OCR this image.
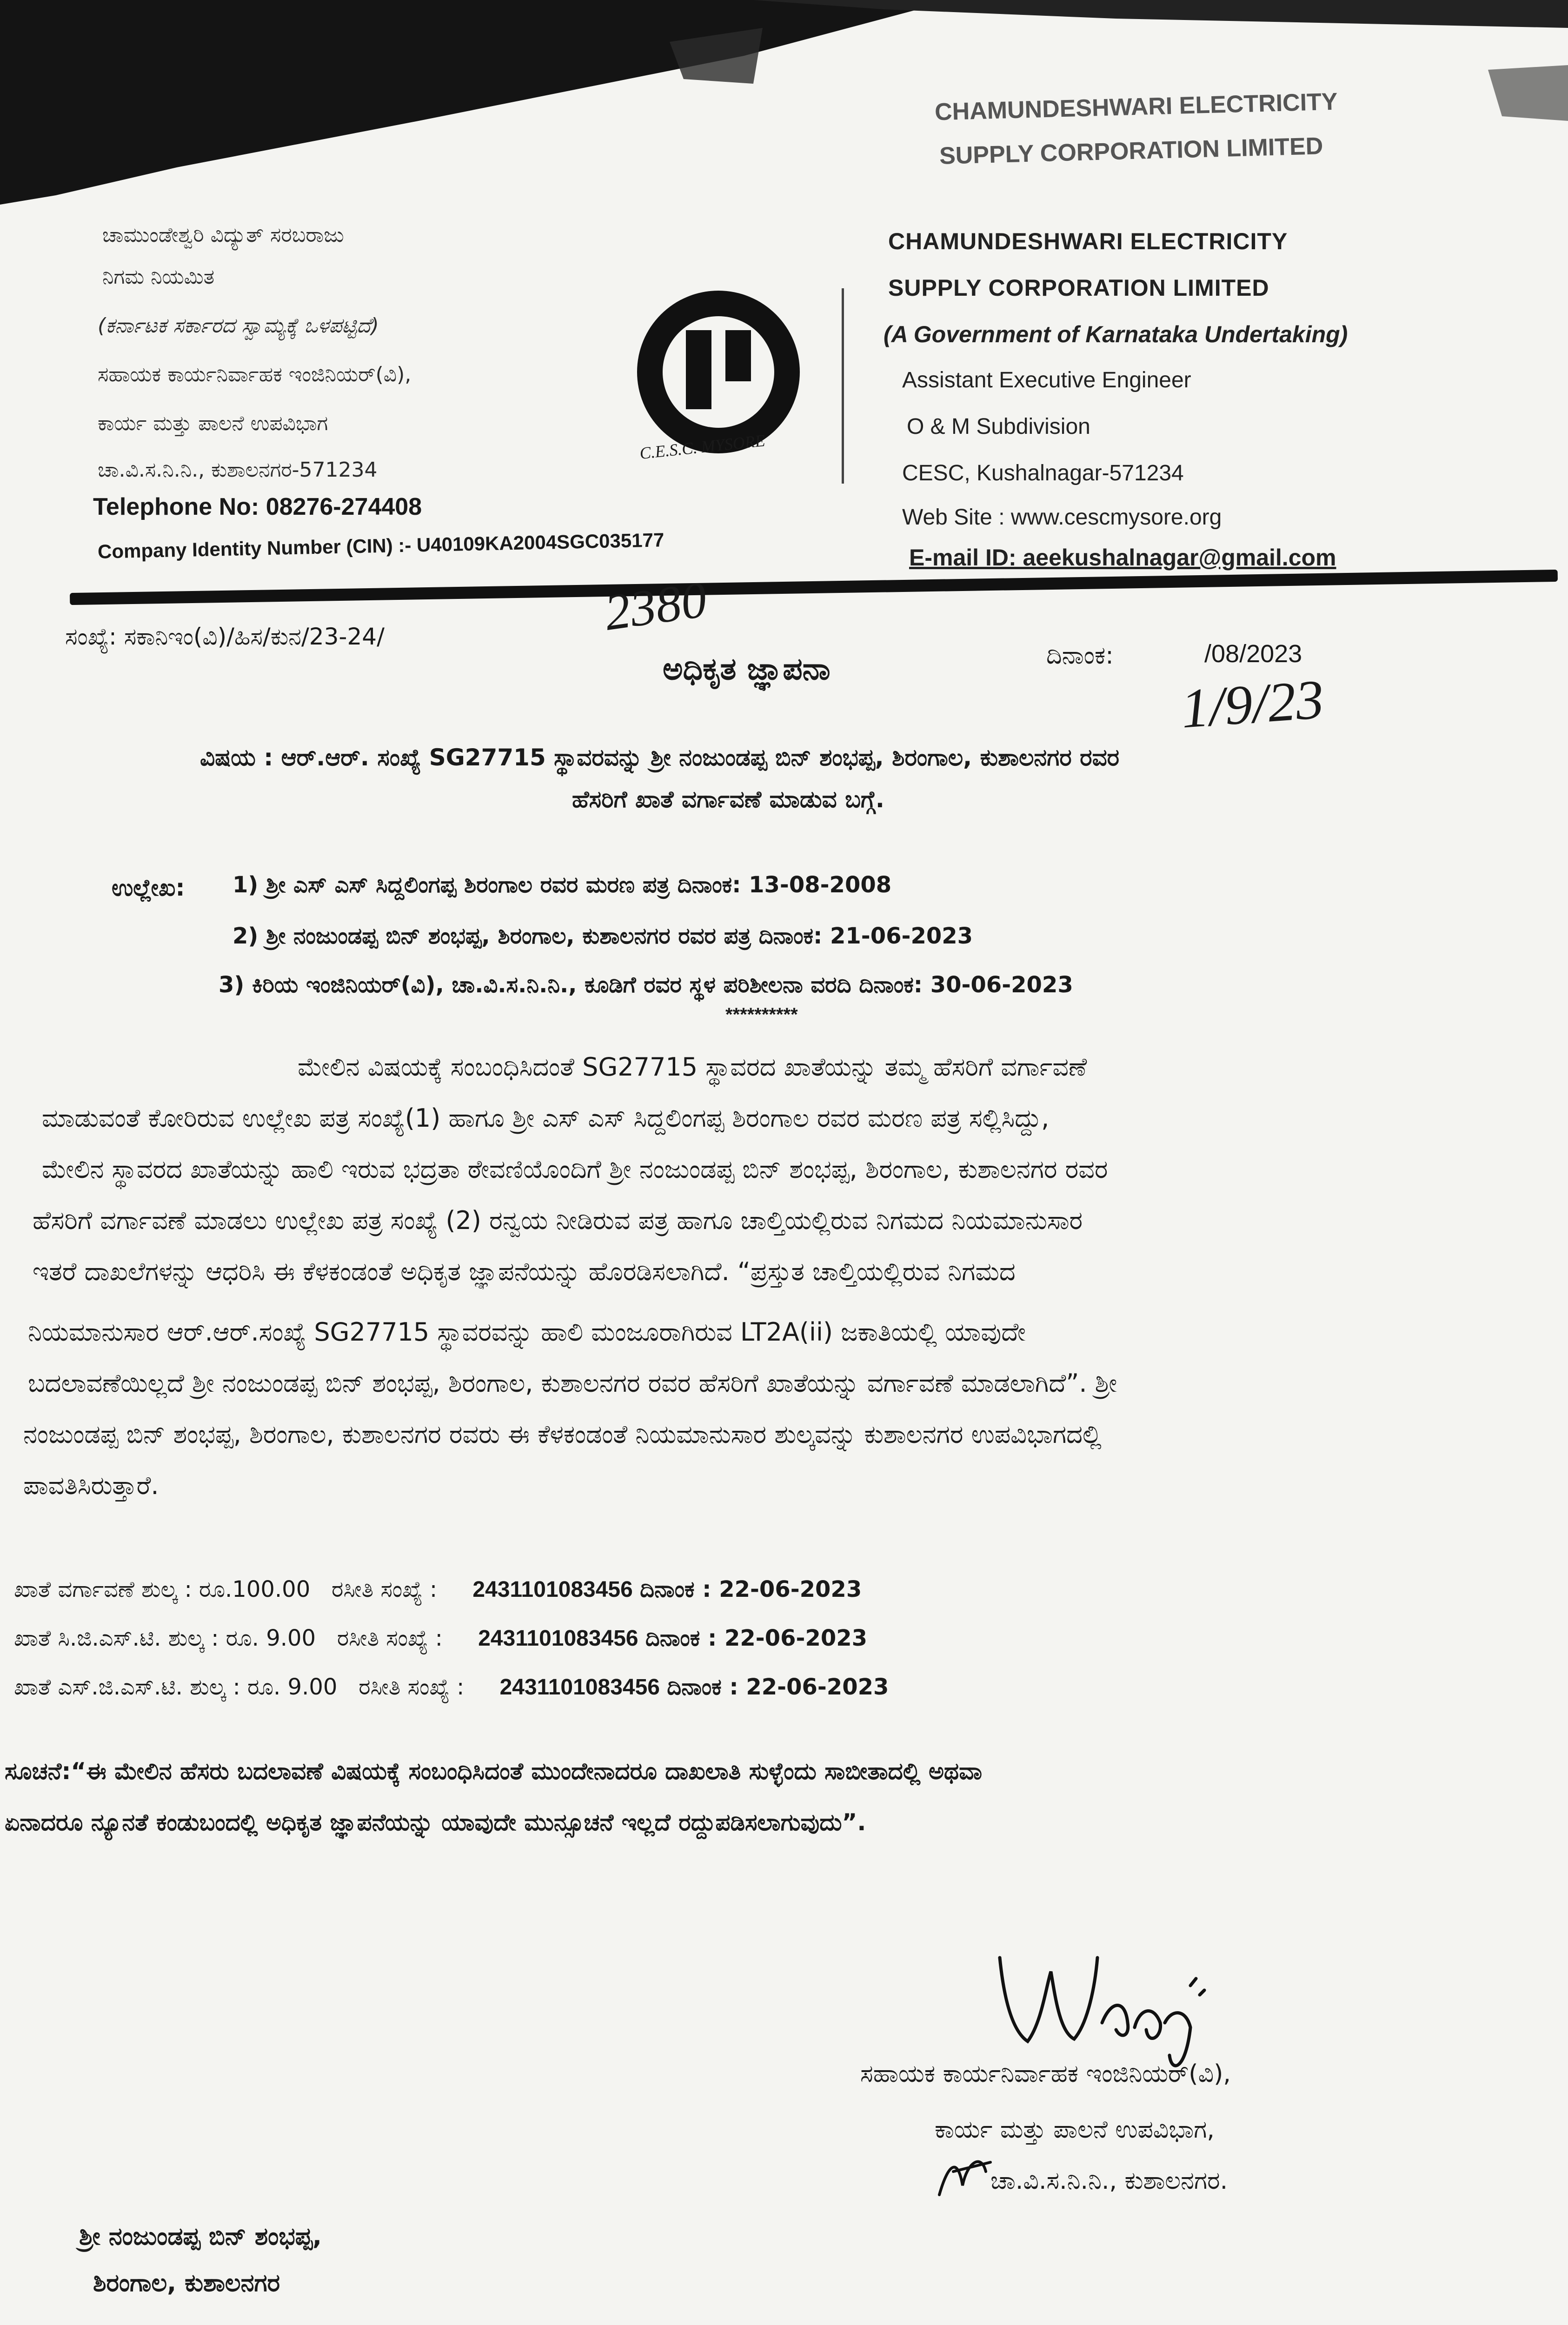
ಚಾಮುಂಡೇಶ್ವರಿ ವಿದ್ಯುತ್ ಸರಬರಾಜು
ನಿಗಮ ನಿಯಮಿತ
(ಕರ್ನಾಟಕ ಸರ್ಕಾರದ ಸ್ವಾಮ್ಯಕ್ಕೆ ಒಳಪಟ್ಟಿದೆ)
ಸಹಾಯಕ ಕಾರ್ಯನಿರ್ವಾಹಕ ಇಂಜಿನಿಯರ್(ವಿ),
ಕಾರ್ಯ ಮತ್ತು ಪಾಲನೆ ಉಪವಿಭಾಗ
ಚಾ.ವಿ.ಸ.ನಿ.ನಿ., ಕುಶಾಲನಗರ-571234
Telephone No: 08276-274408
Company Identity Number (CIN) :- U40109KA2004SGC035177
C.E.S.C. MYSORE
CHAMUNDESHWARI ELECTRICITY
SUPPLY CORPORATION LIMITED
CHAMUNDESHWARI ELECTRICITY
SUPPLY CORPORATION LIMITED
(A Government of Karnataka Undertaking)
Assistant Executive Engineer
O & M Subdivision
CESC, Kushalnagar-571234
Web Site : www.cescmysore.org
E-mail ID: aeekushalnagar@gmail.com
ಸಂಖ್ಯೆ: ಸಕಾನಿಇಂ(ವಿ)/ಹಿಸ/ಕುನ/23-24/	2380
ಅಧಿಕೃತ ಜ್ಞಾಪನಾ	ದಿನಾಂಕ:	/08/2023
1/9/23
ವಿಷಯ : ಆರ್.ಆರ್. ಸಂಖ್ಯೆ SG27715 ಸ್ಥಾವರವನ್ನು ಶ್ರೀ ನಂಜುಂಡಪ್ಪ ಬಿನ್ ಶಂಭಪ್ಪ, ಶಿರಂಗಾಲ, ಕುಶಾಲನಗರ ರವರ
ಹೆಸರಿಗೆ ಖಾತೆ ವರ್ಗಾವಣೆ ಮಾಡುವ ಬಗ್ಗೆ.
ಉಲ್ಲೇಖ: 1) ಶ್ರೀ ಎಸ್ ಎಸ್ ಸಿದ್ದಲಿಂಗಪ್ಪ ಶಿರಂಗಾಲ ರವರ ಮರಣ ಪತ್ರ ದಿನಾಂಕ: 13-08-2008
2) ಶ್ರೀ ನಂಜುಂಡಪ್ಪ ಬಿನ್ ಶಂಭಪ್ಪ, ಶಿರಂಗಾಲ, ಕುಶಾಲನಗರ ರವರ ಪತ್ರ ದಿನಾಂಕ: 21-06-2023
3) ಕಿರಿಯ ಇಂಜಿನಿಯರ್(ವಿ), ಚಾ.ವಿ.ಸ.ನಿ.ನಿ., ಕೂಡಿಗೆ ರವರ ಸ್ಥಳ ಪರಿಶೀಲನಾ ವರದಿ ದಿನಾಂಕ: 30-06-2023
**********
ಮೇಲಿನ ವಿಷಯಕ್ಕೆ ಸಂಬಂಧಿಸಿದಂತೆ SG27715 ಸ್ಥಾವರದ ಖಾತೆಯನ್ನು ತಮ್ಮ ಹೆಸರಿಗೆ ವರ್ಗಾವಣೆ
ಮಾಡುವಂತೆ ಕೋರಿರುವ ಉಲ್ಲೇಖ ಪತ್ರ ಸಂಖ್ಯೆ(1) ಹಾಗೂ ಶ್ರೀ ಎಸ್ ಎಸ್ ಸಿದ್ದಲಿಂಗಪ್ಪ ಶಿರಂಗಾಲ ರವರ ಮರಣ ಪತ್ರ ಸಲ್ಲಿಸಿದ್ದು,
ಮೇಲಿನ ಸ್ಥಾವರದ ಖಾತೆಯನ್ನು ಹಾಲಿ ಇರುವ ಭದ್ರತಾ ಠೇವಣಿಯೊಂದಿಗೆ ಶ್ರೀ ನಂಜುಂಡಪ್ಪ ಬಿನ್ ಶಂಭಪ್ಪ, ಶಿರಂಗಾಲ, ಕುಶಾಲನಗರ ರವರ
ಹೆಸರಿಗೆ ವರ್ಗಾವಣೆ ಮಾಡಲು ಉಲ್ಲೇಖ ಪತ್ರ ಸಂಖ್ಯೆ (2) ರನ್ವಯ ನೀಡಿರುವ ಪತ್ರ ಹಾಗೂ ಚಾಲ್ತಿಯಲ್ಲಿರುವ ನಿಗಮದ ನಿಯಮಾನುಸಾರ
ಇತರೆ ದಾಖಲೆಗಳನ್ನು ಆಧರಿಸಿ ಈ ಕೆಳಕಂಡಂತೆ ಅಧಿಕೃತ ಜ್ಞಾಪನೆಯನ್ನು ಹೊರಡಿಸಲಾಗಿದೆ. “ಪ್ರಸ್ತುತ ಚಾಲ್ತಿಯಲ್ಲಿರುವ ನಿಗಮದ
ನಿಯಮಾನುಸಾರ ಆರ್.ಆರ್.ಸಂಖ್ಯೆ SG27715 ಸ್ಥಾವರವನ್ನು ಹಾಲಿ ಮಂಜೂರಾಗಿರುವ LT2A(ii) ಜಕಾತಿಯಲ್ಲಿ ಯಾವುದೇ
ಬದಲಾವಣೆಯಿಲ್ಲದೆ ಶ್ರೀ ನಂಜುಂಡಪ್ಪ ಬಿನ್ ಶಂಭಪ್ಪ, ಶಿರಂಗಾಲ, ಕುಶಾಲನಗರ ರವರ ಹೆಸರಿಗೆ ಖಾತೆಯನ್ನು ವರ್ಗಾವಣೆ ಮಾಡಲಾಗಿದೆ”. ಶ್ರೀ
ನಂಜುಂಡಪ್ಪ ಬಿನ್ ಶಂಭಪ್ಪ, ಶಿರಂಗಾಲ, ಕುಶಾಲನಗರ ರವರು ಈ ಕೆಳಕಂಡಂತೆ ನಿಯಮಾನುಸಾರ ಶುಲ್ಕವನ್ನು ಕುಶಾಲನಗರ ಉಪವಿಭಾಗದಲ್ಲಿ
ಪಾವತಿಸಿರುತ್ತಾರೆ.
ಖಾತೆ ವರ್ಗಾವಣೆ ಶುಲ್ಕ : ರೂ.100.00 ರಸೀತಿ ಸಂಖ್ಯೆ : 2431101083456 ದಿನಾಂಕ : 22-06-2023
ಖಾತೆ ಸಿ.ಜಿ.ಎಸ್.ಟಿ. ಶುಲ್ಕ : ರೂ. 9.00 ರಸೀತಿ ಸಂಖ್ಯೆ : 2431101083456 ದಿನಾಂಕ : 22-06-2023
ಖಾತೆ ಎಸ್.ಜಿ.ಎಸ್.ಟಿ. ಶುಲ್ಕ : ರೂ. 9.00 ರಸೀತಿ ಸಂಖ್ಯೆ : 2431101083456 ದಿನಾಂಕ : 22-06-2023
ಸೂಚನೆ:“ಈ ಮೇಲಿನ ಹೆಸರು ಬದಲಾವಣೆ ವಿಷಯಕ್ಕೆ ಸಂಬಂಧಿಸಿದಂತೆ ಮುಂದೇನಾದರೂ ದಾಖಲಾತಿ ಸುಳ್ಳೆಂದು ಸಾಬೀತಾದಲ್ಲಿ ಅಥವಾ
ಏನಾದರೂ ನ್ಯೂನತೆ ಕಂಡುಬಂದಲ್ಲಿ ಅಧಿಕೃತ ಜ್ಞಾಪನೆಯನ್ನು ಯಾವುದೇ ಮುನ್ಸೂಚನೆ ಇಲ್ಲದೆ ರದ್ದುಪಡಿಸಲಾಗುವುದು”.
ಸಹಾಯಕ ಕಾರ್ಯನಿರ್ವಾಹಕ ಇಂಜಿನಿಯರ್(ವಿ),
ಕಾರ್ಯ ಮತ್ತು ಪಾಲನೆ ಉಪವಿಭಾಗ,
ಚಾ.ವಿ.ಸ.ನಿ.ನಿ., ಕುಶಾಲನಗರ.
ಶ್ರೀ ನಂಜುಂಡಪ್ಪ ಬಿನ್ ಶಂಭಪ್ಪ,
ಶಿರಂಗಾಲ, ಕುಶಾಲನಗರ
